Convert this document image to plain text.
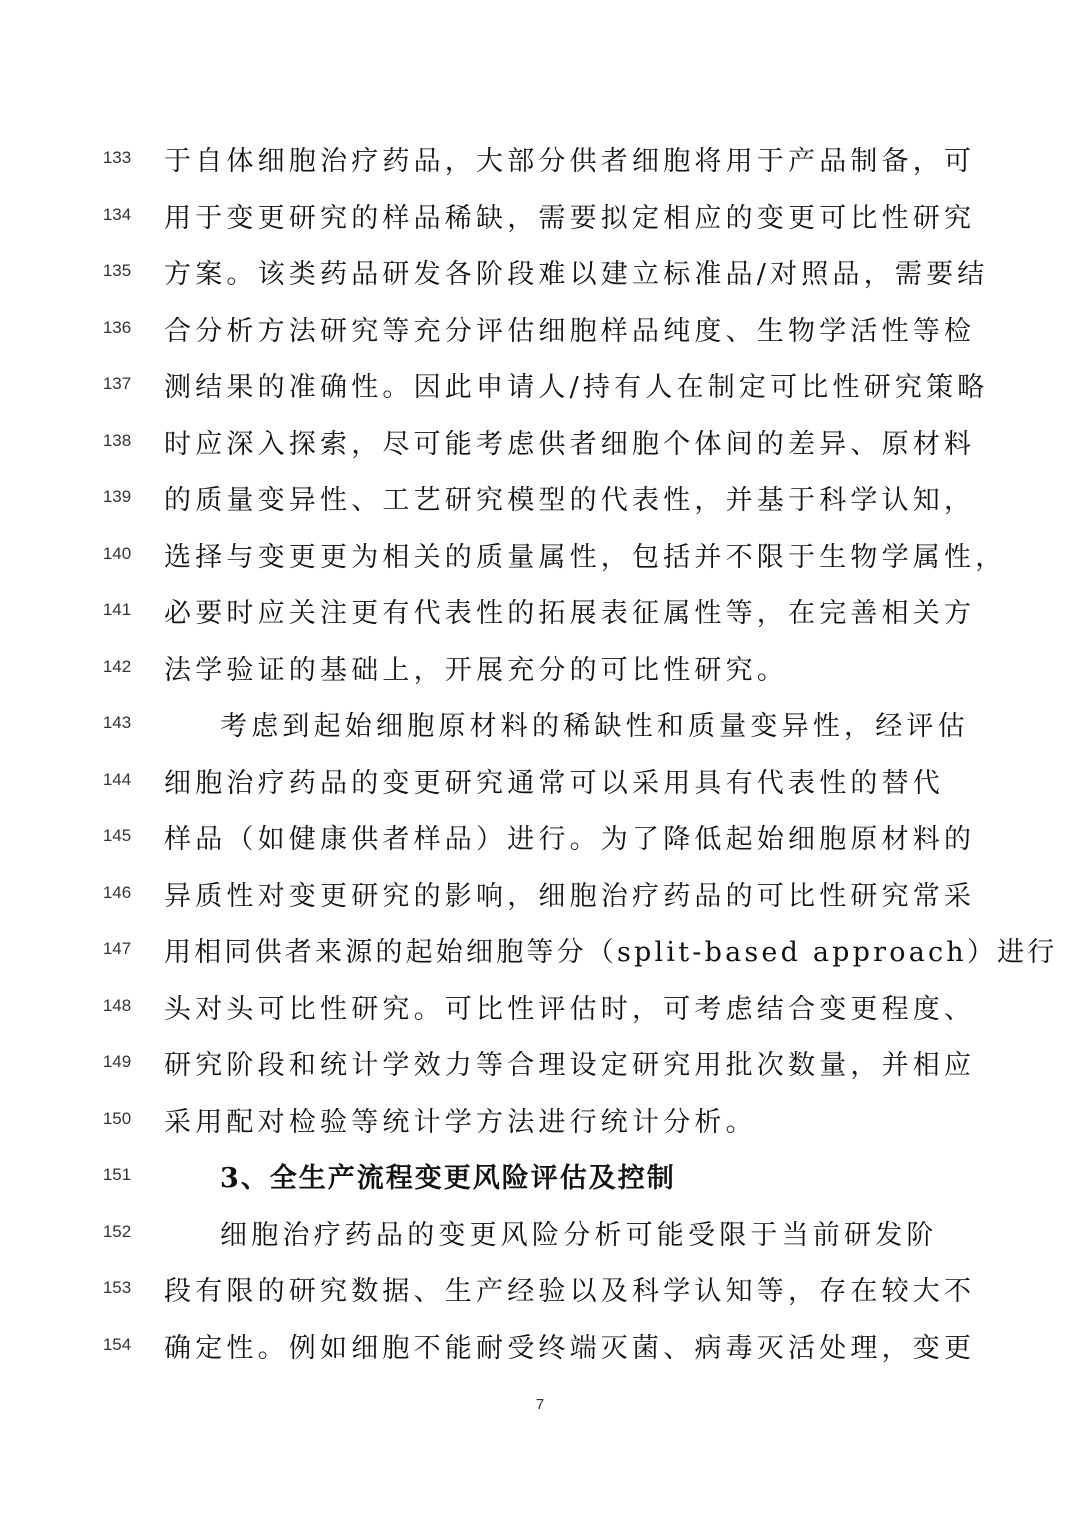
133	于自体细胞治疗药品，大部分供者细胞将用于产品制备，可
134	用于变更研究的样品稀缺，需要拟定相应的变更可比性研究
135	方案。该类药品研发各阶段难以建立标准品/对照品，需要结
136	合分析方法研究等充分评估细胞样品纯度、生物学活性等检
137	测结果的准确性。因此申请人/持有人在制定可比性研究策略
138	时应深入探索，尽可能考虑供者细胞个体间的差异、原材料
139	的质量变异性、工艺研究模型的代表性，并基于科学认知，
140	选择与变更更为相关的质量属性，包括并不限于生物学属性，
141	必要时应关注更有代表性的拓展表征属性等，在完善相关方
142	法学验证的基础上，开展充分的可比性研究。
143	考虑到起始细胞原材料的稀缺性和质量变异性，经评估
144	细胞治疗药品的变更研究通常可以采用具有代表性的替代
145	样品（如健康供者样品）进行。为了降低起始细胞原材料的
146	异质性对变更研究的影响，细胞治疗药品的可比性研究常采
147	用相同供者来源的起始细胞等分（split-based approach）进行
148	头对头可比性研究。可比性评估时，可考虑结合变更程度、
149	研究阶段和统计学效力等合理设定研究用批次数量，并相应
150	采用配对检验等统计学方法进行统计分析。
151	3、全生产流程变更风险评估及控制
152	细胞治疗药品的变更风险分析可能受限于当前研发阶
153	段有限的研究数据、生产经验以及科学认知等，存在较大不
154	确定性。例如细胞不能耐受终端灭菌、病毒灭活处理，变更
7
